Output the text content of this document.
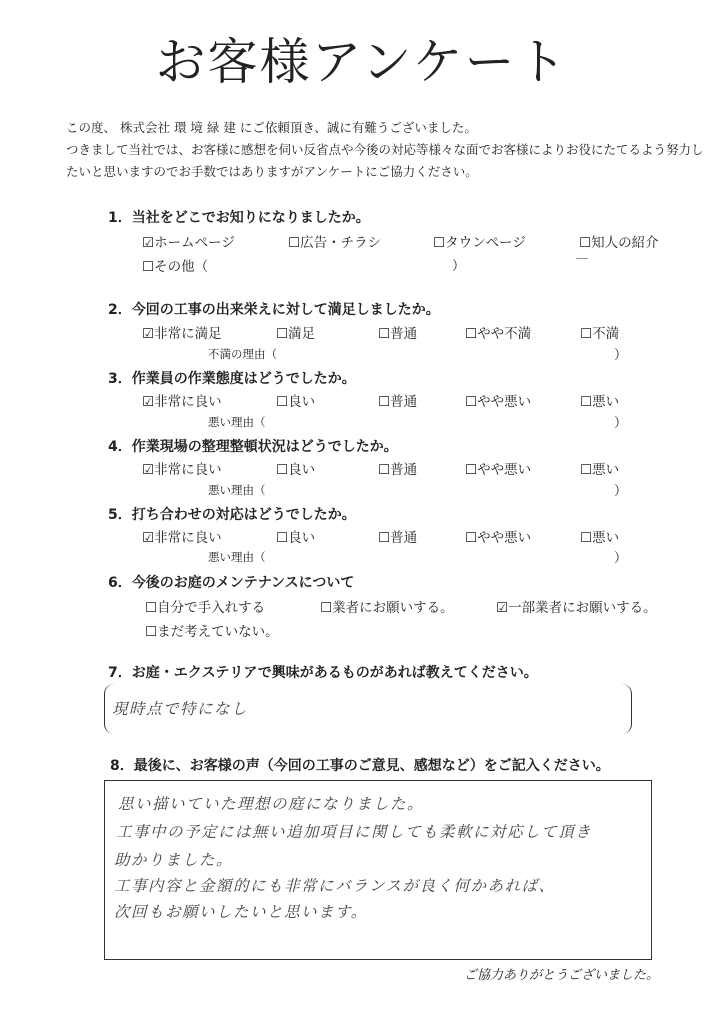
お客様アンケート
この度、 株式会社 環 境 緑 建 にご依頼頂き、誠に有難うございました。
つきまして当社では、お客様に感想を伺い反省点や今後の対応等様々な面でお客様によりお役にたてるよう努力し
たいと思いますのでお手数ではありますがアンケートにご協力ください。
1．当社をどこでお知りになりましたか。
☑ホームページ	☐広告・チラシ	☐タウンページ	☐知人の紹介
☐その他（	）
2．今回の工事の出来栄えに対して満足しましたか。
☑非常に満足	☐満足	☐普通	☐やや不満	☐不満
不満の理由（	）
3．作業員の作業態度はどうでしたか。
☑非常に良い	☐良い	☐普通	☐やや悪い	☐悪い
悪い理由（	）
4．作業現場の整理整頓状況はどうでしたか。
☑非常に良い	☐良い	☐普通	☐やや悪い	☐悪い
悪い理由（	）
5．打ち合わせの対応はどうでしたか。
☑非常に良い	☐良い	☐普通	☐やや悪い	☐悪い
悪い理由（	）
6．今後のお庭のメンテナンスについて
☐自分で手入れする	☐業者にお願いする。	☑一部業者にお願いする。
☐まだ考えていない。
7．お庭・エクステリアで興味があるものがあれば教えてください。
現時点で特になし
8．最後に、お客様の声（今回の工事のご意見、感想など）をご記入ください。
思い描いていた理想の庭になりました。
工事中の予定には無い追加項目に関しても柔軟に対応して頂き
助かりました。
工事内容と金額的にも非常にバランスが良く何かあれば、
次回もお願いしたいと思います。
ご協力ありがとうございました。
